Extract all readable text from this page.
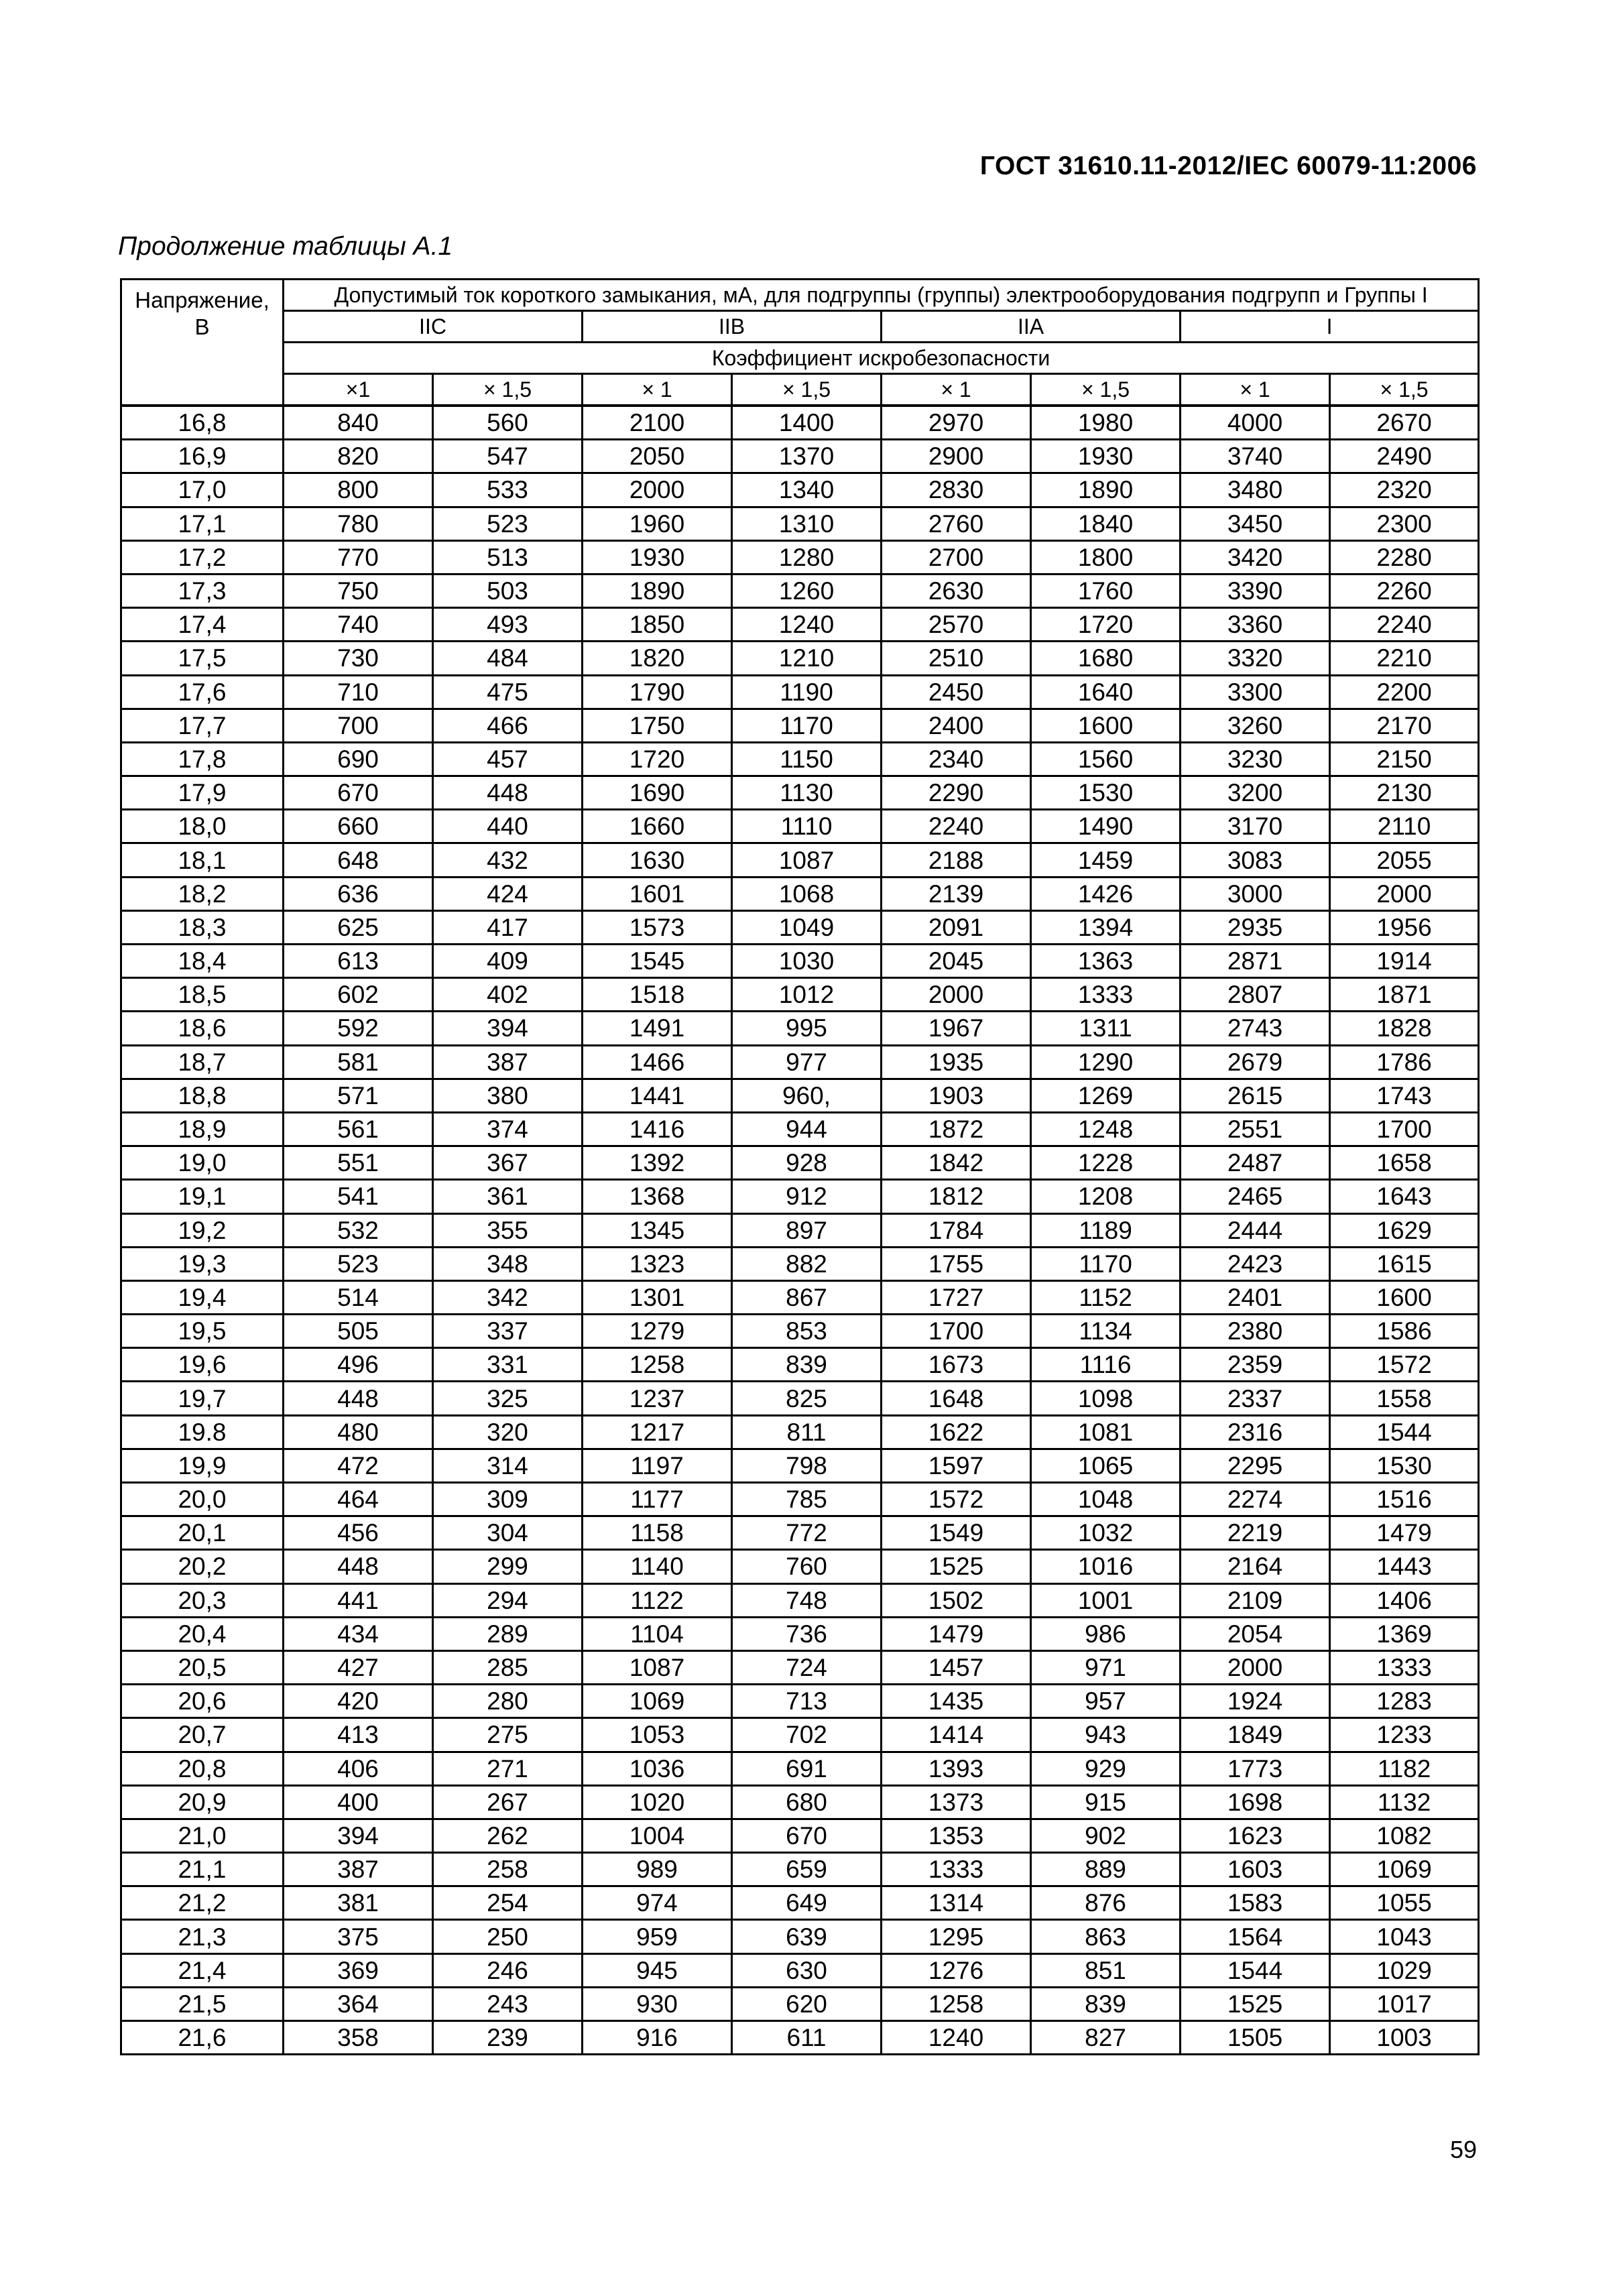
ГОСТ 31610.11-2012/IEC 60079-11:2006
Продолжение таблицы А.1
Напряжение,
В	Допустимый ток короткого замыкания, мА, для подгруппы (группы) электрооборудования подгрупп и Группы I							
	IIC		IIB		IIA		I	
	Коэффициент искробезопасности							
	×1	× 1,5	× 1	× 1,5	× 1	× 1,5	× 1	× 1,5
16,8	840	560	2100	1400	2970	1980	4000	2670
16,9	820	547	2050	1370	2900	1930	3740	2490
17,0	800	533	2000	1340	2830	1890	3480	2320
17,1	780	523	1960	1310	2760	1840	3450	2300
17,2	770	513	1930	1280	2700	1800	3420	2280
17,3	750	503	1890	1260	2630	1760	3390	2260
17,4	740	493	1850	1240	2570	1720	3360	2240
17,5	730	484	1820	1210	2510	1680	3320	2210
17,6	710	475	1790	1190	2450	1640	3300	2200
17,7	700	466	1750	1170	2400	1600	3260	2170
17,8	690	457	1720	1150	2340	1560	3230	2150
17,9	670	448	1690	1130	2290	1530	3200	2130
18,0	660	440	1660	1110	2240	1490	3170	2110
18,1	648	432	1630	1087	2188	1459	3083	2055
18,2	636	424	1601	1068	2139	1426	3000	2000
18,3	625	417	1573	1049	2091	1394	2935	1956
18,4	613	409	1545	1030	2045	1363	2871	1914
18,5	602	402	1518	1012	2000	1333	2807	1871
18,6	592	394	1491	995	1967	1311	2743	1828
18,7	581	387	1466	977	1935	1290	2679	1786
18,8	571	380	1441	960,	1903	1269	2615	1743
18,9	561	374	1416	944	1872	1248	2551	1700
19,0	551	367	1392	928	1842	1228	2487	1658
19,1	541	361	1368	912	1812	1208	2465	1643
19,2	532	355	1345	897	1784	1189	2444	1629
19,3	523	348	1323	882	1755	1170	2423	1615
19,4	514	342	1301	867	1727	1152	2401	1600
19,5	505	337	1279	853	1700	1134	2380	1586
19,6	496	331	1258	839	1673	1116	2359	1572
19,7	448	325	1237	825	1648	1098	2337	1558
19.8	480	320	1217	811	1622	1081	2316	1544
19,9	472	314	1197	798	1597	1065	2295	1530
20,0	464	309	1177	785	1572	1048	2274	1516
20,1	456	304	1158	772	1549	1032	2219	1479
20,2	448	299	1140	760	1525	1016	2164	1443
20,3	441	294	1122	748	1502	1001	2109	1406
20,4	434	289	1104	736	1479	986	2054	1369
20,5	427	285	1087	724	1457	971	2000	1333
20,6	420	280	1069	713	1435	957	1924	1283
20,7	413	275	1053	702	1414	943	1849	1233
20,8	406	271	1036	691	1393	929	1773	1182
20,9	400	267	1020	680	1373	915	1698	1132
21,0	394	262	1004	670	1353	902	1623	1082
21,1	387	258	989	659	1333	889	1603	1069
21,2	381	254	974	649	1314	876	1583	1055
21,3	375	250	959	639	1295	863	1564	1043
21,4	369	246	945	630	1276	851	1544	1029
21,5	364	243	930	620	1258	839	1525	1017
21,6	358	239	916	611	1240	827	1505	1003
59
